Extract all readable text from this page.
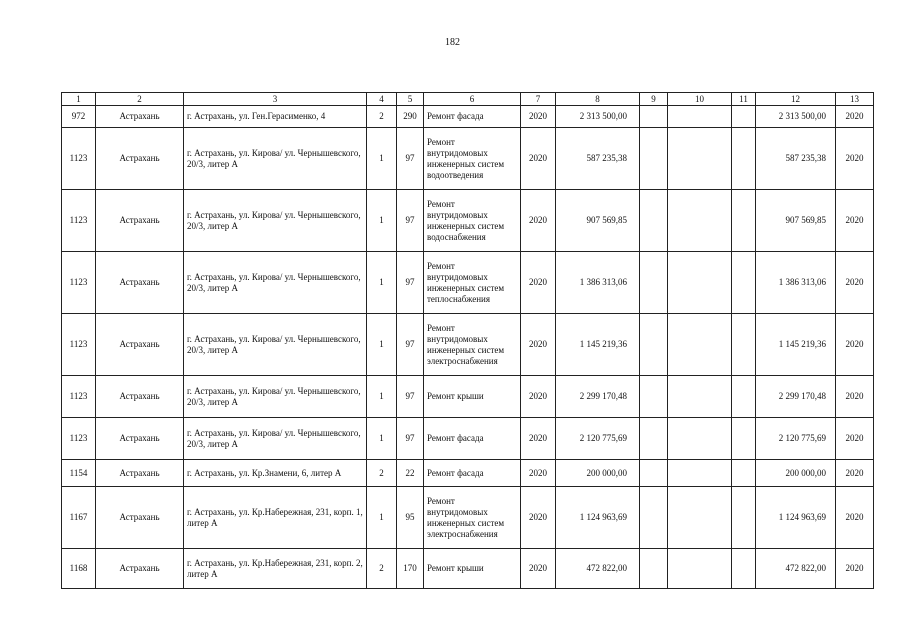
182
1	2	3	4	5	6	7	8	9	10	11	12	13
972	Астрахань	г. Астрахань, ул. Ген.Герасименко, 4	2	290	Ремонт фасада	2020	2 313 500,00				2 313 500,00	2020
1123	Астрахань	г. Астрахань, ул. Кирова/ ул. Чернышевского, 20/3, литер А	1	97	Ремонт внутридомовых инженерных систем водоотведения	2020	587 235,38				587 235,38	2020
1123	Астрахань	г. Астрахань, ул. Кирова/ ул. Чернышевского, 20/3, литер А	1	97	Ремонт внутридомовых инженерных систем водоснабжения	2020	907 569,85				907 569,85	2020
1123	Астрахань	г. Астрахань, ул. Кирова/ ул. Чернышевского, 20/3, литер А	1	97	Ремонт внутридомовых инженерных систем теплоснабжения	2020	1 386 313,06				1 386 313,06	2020
1123	Астрахань	г. Астрахань, ул. Кирова/ ул. Чернышевского, 20/3, литер А	1	97	Ремонт внутридомовых инженерных систем электроснабжения	2020	1 145 219,36				1 145 219,36	2020
1123	Астрахань	г. Астрахань, ул. Кирова/ ул. Чернышевского, 20/3, литер А	1	97	Ремонт крыши	2020	2 299 170,48				2 299 170,48	2020
1123	Астрахань	г. Астрахань, ул. Кирова/ ул. Чернышевского, 20/3, литер А	1	97	Ремонт фасада	2020	2 120 775,69				2 120 775,69	2020
1154	Астрахань	г. Астрахань, ул. Кр.Знамени, 6, литер А	2	22	Ремонт фасада	2020	200 000,00				200 000,00	2020
1167	Астрахань	г. Астрахань, ул. Кр.Набережная, 231, корп. 1, литер А	1	95	Ремонт внутридомовых инженерных систем электроснабжения	2020	1 124 963,69				1 124 963,69	2020
1168	Астрахань	г. Астрахань, ул. Кр.Набережная, 231, корп. 2, литер А	2	170	Ремонт крыши	2020	472 822,00				472 822,00	2020
